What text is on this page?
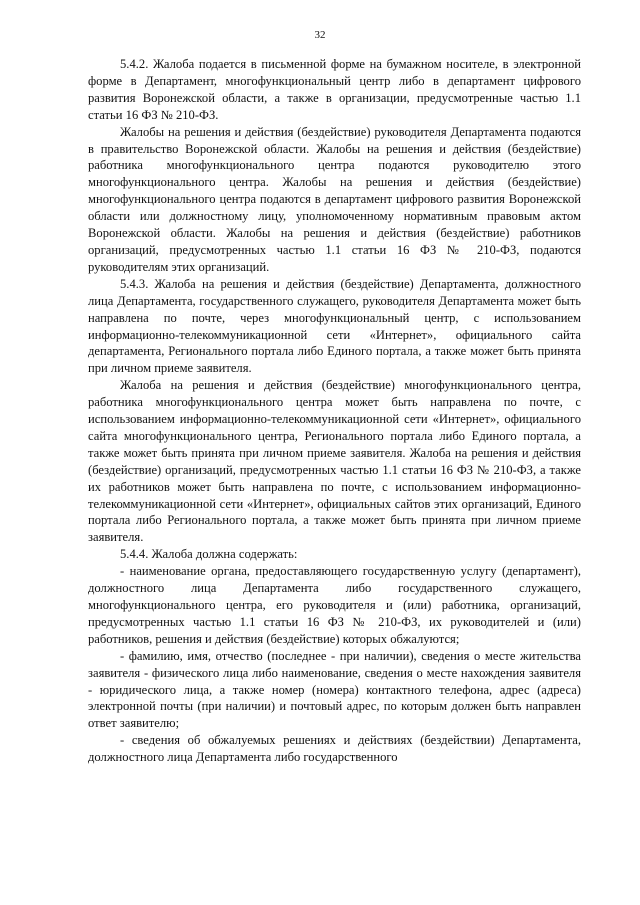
32

5.4.2. Жалоба подается в письменной форме на бумажном носителе, в электронной форме в Департамент, многофункциональный центр либо в департамент цифрового развития Воронежской области, а также в организации, предусмотренные частью 1.1 статьи 16 ФЗ № 210-ФЗ.

Жалобы на решения и действия (бездействие) руководителя Департамента подаются в правительство Воронежской области. Жалобы на решения и действия (бездействие) работника многофункционального центра подаются руководителю этого многофункционального центра. Жалобы на решения и действия (бездействие) многофункционального центра подаются в департамент цифрового развития Воронежской области или должностному лицу, уполномоченному нормативным правовым актом Воронежской области. Жалобы на решения и действия (бездействие) работников организаций, предусмотренных частью 1.1 статьи 16 ФЗ № 210-ФЗ, подаются руководителям этих организаций.

5.4.3. Жалоба на решения и действия (бездействие) Департамента, должностного лица Департамента, государственного служащего, руководителя Департамента может быть направлена по почте, через многофункциональный центр, с использованием информационно-телекоммуникационной сети «Интернет», официального сайта департамента, Регионального портала либо Единого портала, а также может быть принята при личном приеме заявителя.

Жалоба на решения и действия (бездействие) многофункционального центра, работника многофункционального центра может быть направлена по почте, с использованием информационно-телекоммуникационной сети «Интернет», официального сайта многофункционального центра, Регионального портала либо Единого портала, а также может быть принята при личном приеме заявителя. Жалоба на решения и действия (бездействие) организаций, предусмотренных частью 1.1 статьи 16 ФЗ № 210-ФЗ, а также их работников может быть направлена по почте, с использованием информационно-телекоммуникационной сети «Интернет», официальных сайтов этих организаций, Единого портала либо Регионального портала, а также может быть принята при личном приеме заявителя.

5.4.4. Жалоба должна содержать:

- наименование органа, предоставляющего государственную услугу (департамент), должностного лица Департамента либо государственного служащего, многофункционального центра, его руководителя и (или) работника, организаций, предусмотренных частью 1.1 статьи 16 ФЗ № 210-ФЗ, их руководителей и (или) работников, решения и действия (бездействие) которых обжалуются;

- фамилию, имя, отчество (последнее - при наличии), сведения о месте жительства заявителя - физического лица либо наименование, сведения о месте нахождения заявителя - юридического лица, а также номер (номера) контактного телефона, адрес (адреса) электронной почты (при наличии) и почтовый адрес, по которым должен быть направлен ответ заявителю;

- сведения об обжалуемых решениях и действиях (бездействии) Департамента, должностного лица Департамента либо государственного
